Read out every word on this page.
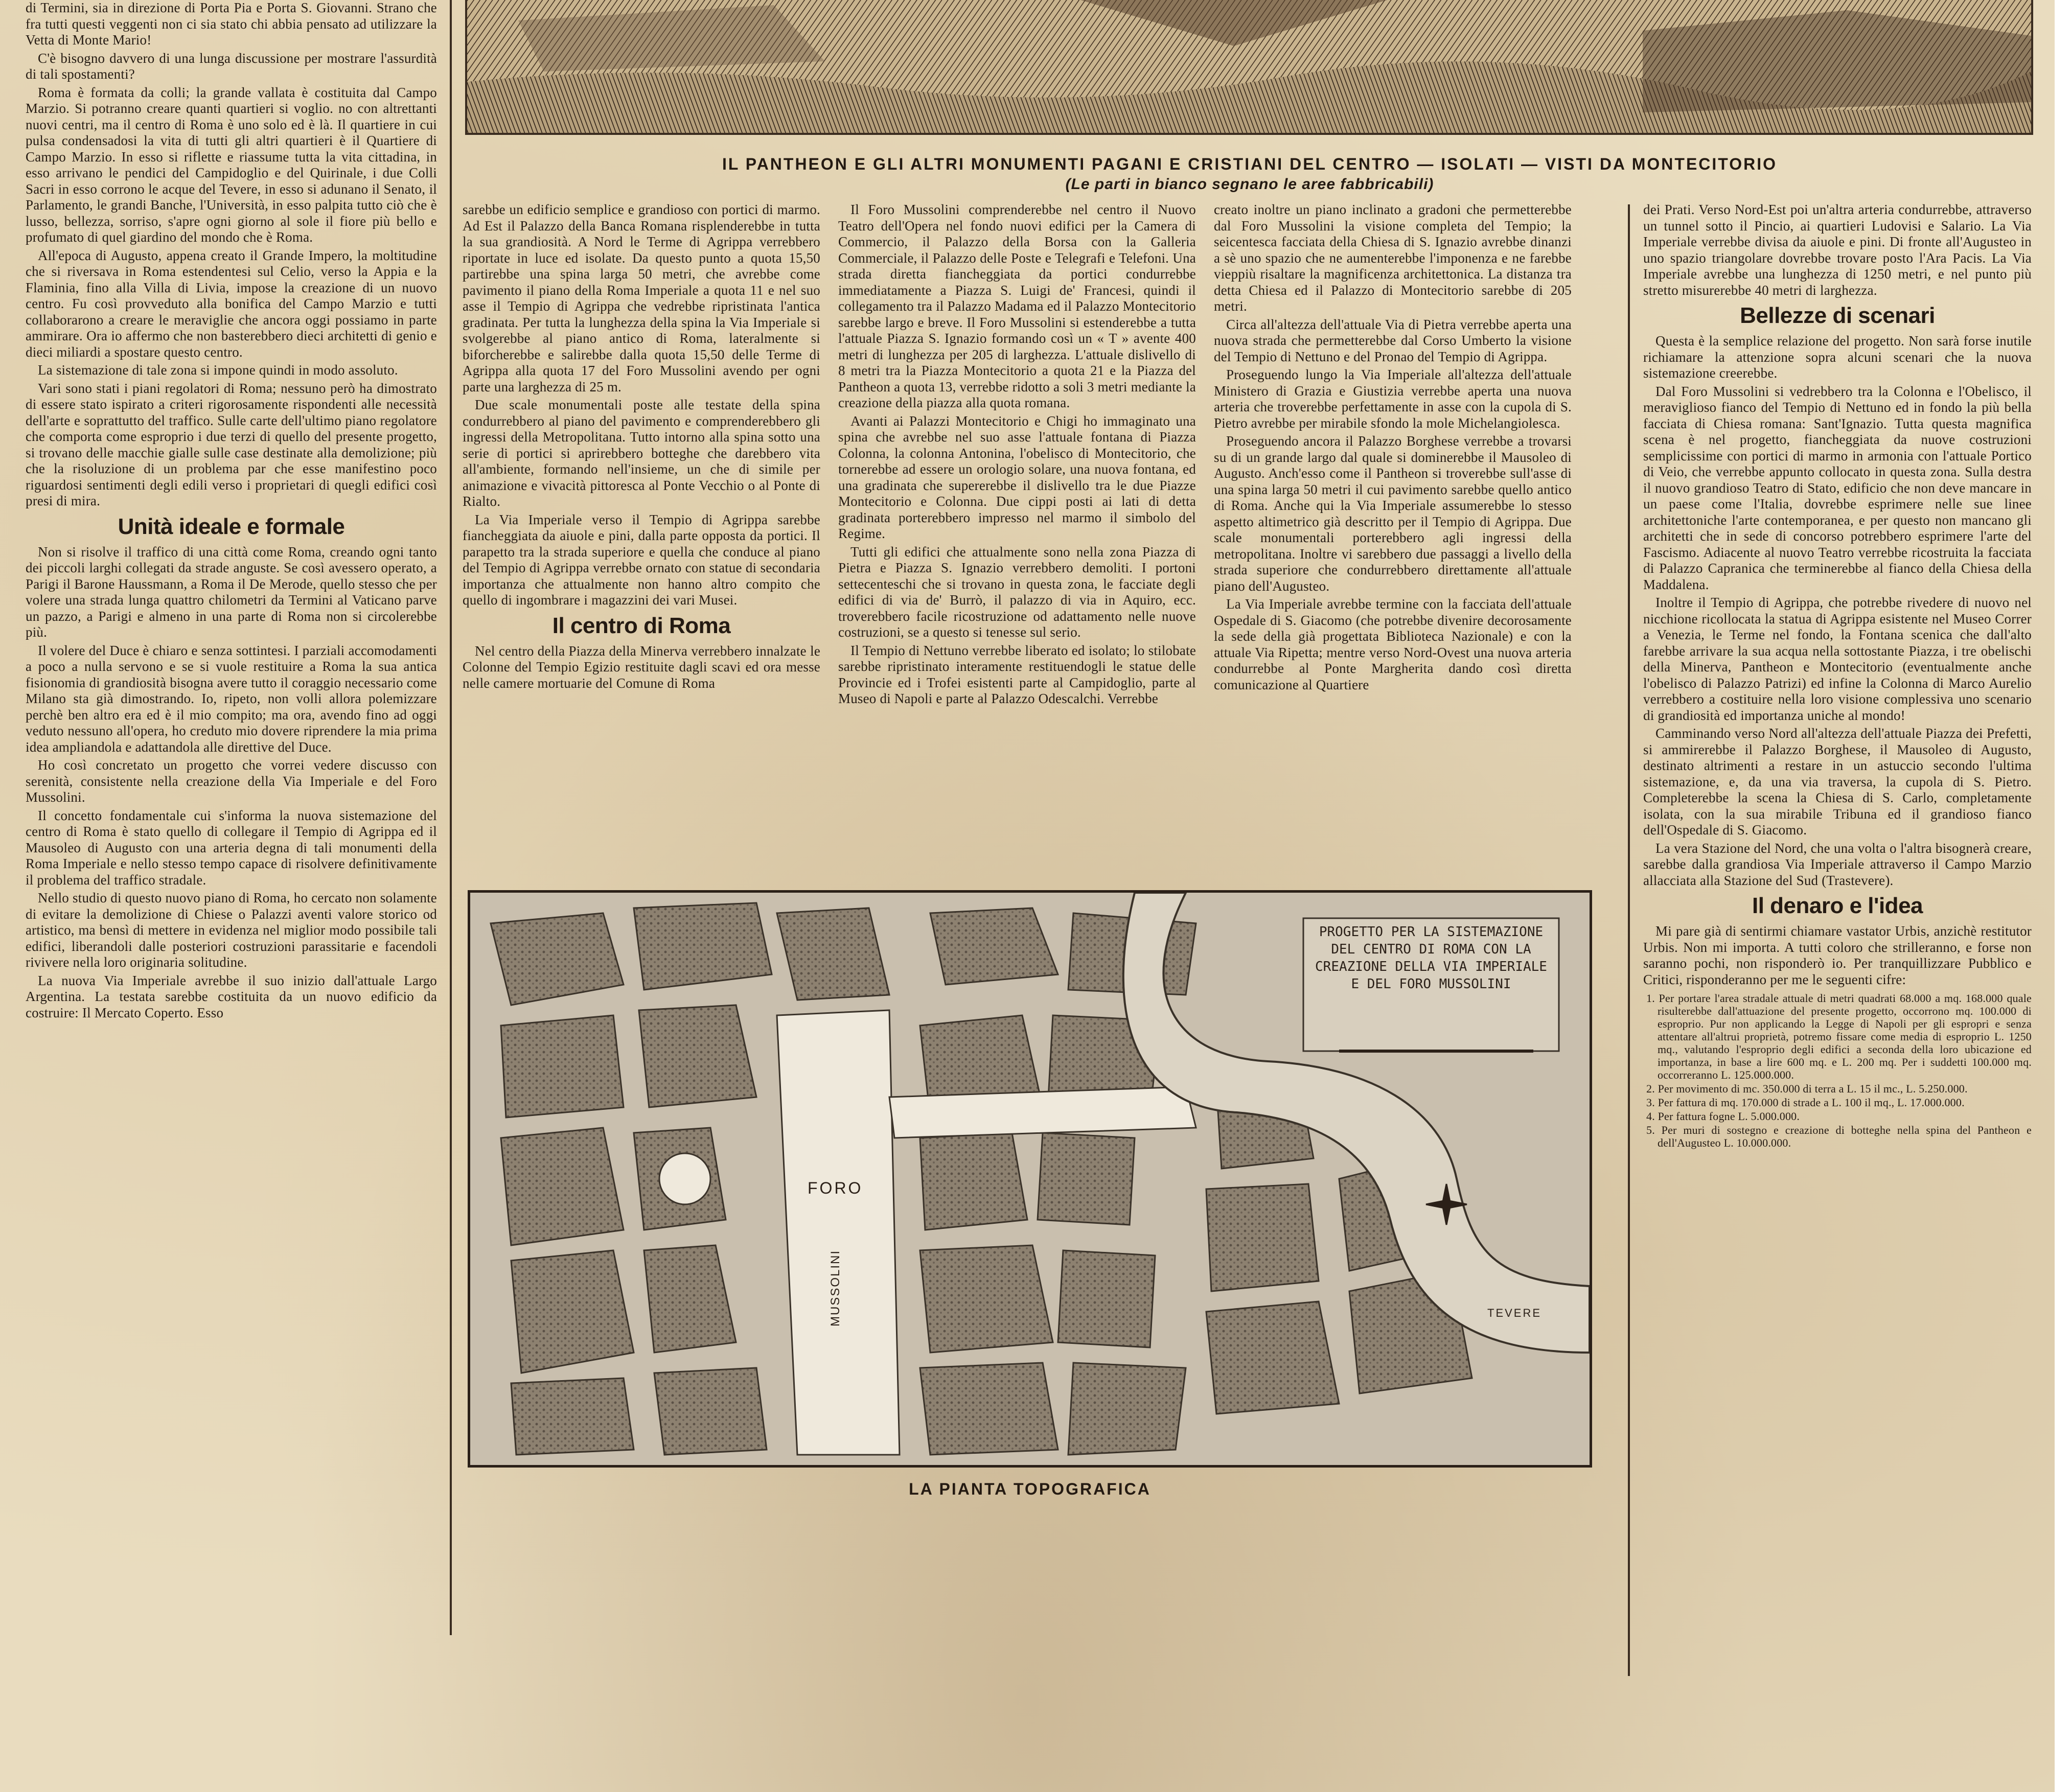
IL PANTHEON E GLI ALTRI MONUMENTI PAGANI E CRISTIANI DEL CENTRO — ISOLATI — VISTI DA MONTECITORIO
(Le parti in bianco segnano le aree fabbricabili)

di Termini, sia in direzione di Porta Pia e Porta S. Giovanni. Strano che fra tutti questi veggenti non ci sia stato chi abbia pensato ad utilizzare la Vetta di Monte Mario!

C'è bisogno davvero di una lunga discussione per mostrare l'assurdità di tali spostamenti?

Roma è formata da colli; la grande vallata è costituita dal Campo Marzio. Si potranno creare quanti quartieri si voglio. no con altrettanti nuovi centri, ma il centro di Roma è uno solo ed è là. Il quartiere in cui pulsa condensadosi la vita di tutti gli altri quartieri è il Quartiere di Campo Marzio. In esso si riflette e riassume tutta la vita cittadina, in esso arrivano le pendici del Campidoglio e del Quirinale, i due Colli Sacri in esso corrono le acque del Tevere, in esso si adunano il Senato, il Parlamento, le grandi Banche, l'Università, in esso palpita tutto ciò che è lusso, bellezza, sorriso, s'apre ogni giorno al sole il fiore più bello e profumato di quel giardino del mondo che è Roma.

All'epoca di Augusto, appena creato il Grande Impero, la moltitudine che si riversava in Roma estendentesi sul Celio, verso la Appia e la Flaminia, fino alla Villa di Livia, impose la creazione di un nuovo centro. Fu così provveduto alla bonifica del Campo Marzio e tutti collaborarono a creare le meraviglie che ancora oggi possiamo in parte ammirare. Ora io affermo che non basterebbero dieci architetti di genio e dieci miliardi a spostare questo centro.

La sistemazione di tale zona si impone quindi in modo assoluto.

Vari sono stati i piani regolatori di Roma; nessuno però ha dimostrato di essere stato ispirato a criteri rigorosamente rispondenti alle necessità dell'arte e soprattutto del traffico. Sulle carte dell'ultimo piano regolatore che comporta come esproprio i due terzi di quello del presente progetto, si trovano delle macchie gialle sulle case destinate alla demolizione; più che la risoluzione di un problema par che esse manifestino poco riguardosi sentimenti degli edili verso i proprietari di quegli edifici così presi di mira.

Unità ideale e formale

Non si risolve il traffico di una città come Roma, creando ogni tanto dei piccoli larghi collegati da strade anguste. Se così avessero operato, a Parigi il Barone Haussmann, a Roma il De Merode, quello stesso che per volere una strada lunga quattro chilometri da Termini al Vaticano parve un pazzo, a Parigi e almeno in una parte di Roma non si circolerebbe più.

Il volere del Duce è chiaro e senza sottintesi. I parziali accomodamenti a poco a nulla servono e se si vuole restituire a Roma la sua antica fisionomia di grandiosità bisogna avere tutto il coraggio necessario come Milano sta già dimostrando. Io, ripeto, non volli allora polemizzare perchè ben altro era ed è il mio compito; ma ora, avendo fino ad oggi veduto nessuno all'opera, ho creduto mio dovere riprendere la mia prima idea ampliandola e adattandola alle direttive del Duce.

Ho così concretato un progetto che vorrei vedere discusso con serenità, consistente nella creazione della Via Imperiale e del Foro Mussolini.

Il concetto fondamentale cui s'informa la nuova sistemazione del centro di Roma è stato quello di collegare il Tempio di Agrippa ed il Mausoleo di Augusto con una arteria degna di tali monumenti della Roma Imperiale e nello stesso tempo capace di risolvere definitivamente il problema del traffico stradale.

Nello studio di questo nuovo piano di Roma, ho cercato non solamente di evitare la demolizione di Chiese o Palazzi aventi valore storico od artistico, ma bensì di mettere in evidenza nel miglior modo possibile tali edifici, liberandoli dalle posteriori costruzioni parassitarie e facendoli rivivere nella loro originaria solitudine.

La nuova Via Imperiale avrebbe il suo inizio dall'attuale Largo Argentina. La testata sarebbe costituita da un nuovo edificio da costruire: Il Mercato Coperto. Esso

sarebbe un edificio semplice e grandioso con portici di marmo. Ad Est il Palazzo della Banca Romana risplenderebbe in tutta la sua grandiosità. A Nord le Terme di Agrippa verrebbero riportate in luce ed isolate. Da questo punto a quota 15,50 partirebbe una spina larga 50 metri, che avrebbe come pavimento il piano della Roma Imperiale a quota 11 e nel suo asse il Tempio di Agrippa che vedrebbe ripristinata l'antica gradinata. Per tutta la lunghezza della spina la Via Imperiale si svolgerebbe al piano antico di Roma, lateralmente si biforcherebbe e salirebbe dalla quota 15,50 delle Terme di Agrippa alla quota 17 del Foro Mussolini avendo per ogni parte una larghezza di 25 m.

Due scale monumentali poste alle testate della spina condurrebbero al piano del pavimento e comprenderebbero gli ingressi della Metropolitana. Tutto intorno alla spina sotto una serie di portici si aprirebbero botteghe che darebbero vita all'ambiente, formando nell'insieme, un che di simile per animazione e vivacità pittoresca al Ponte Vecchio o al Ponte di Rialto.

La Via Imperiale verso il Tempio di Agrippa sarebbe fiancheggiata da aiuole e pini, dalla parte opposta da portici. Il parapetto tra la strada superiore e quella che conduce al piano del Tempio di Agrippa verrebbe ornato con statue di secondaria importanza che attualmente non hanno altro compito che quello di ingombrare i magazzini dei vari Musei.

Il centro di Roma

Nel centro della Piazza della Minerva verrebbero innalzate le Colonne del Tempio Egizio restituite dagli scavi ed ora messe nelle camere mortuarie del Comune di Roma

Il Foro Mussolini comprenderebbe nel centro il Nuovo Teatro dell'Opera nel fondo nuovi edifici per la Camera di Commercio, il Palazzo della Borsa con la Galleria Commerciale, il Palazzo delle Poste e Telegrafi e Telefoni. Una strada diretta fiancheggiata da portici condurrebbe immediatamente a Piazza S. Luigi de' Francesi, quindi il collegamento tra il Palazzo Madama ed il Palazzo Montecitorio sarebbe largo e breve. Il Foro Mussolini si estenderebbe a tutta l'attuale Piazza S. Ignazio formando così un « T » avente 400 metri di lunghezza per 205 di larghezza. L'attuale dislivello di 8 metri tra la Piazza Montecitorio a quota 21 e la Piazza del Pantheon a quota 13, verrebbe ridotto a soli 3 metri mediante la creazione della piazza alla quota romana.

Avanti ai Palazzi Montecitorio e Chigi ho immaginato una spina che avrebbe nel suo asse l'attuale fontana di Piazza Colonna, la colonna Antonina, l'obelisco di Montecitorio, che tornerebbe ad essere un orologio solare, una nuova fontana, ed una gradinata che supererebbe il dislivello tra le due Piazze Montecitorio e Colonna. Due cippi posti ai lati di detta gradinata porterebbero impresso nel marmo il simbolo del Regime.

Tutti gli edifici che attualmente sono nella zona Piazza di Pietra e Piazza S. Ignazio verrebbero demoliti. I portoni settecenteschi che si trovano in questa zona, le facciate degli edifici di via de' Burrò, il palazzo di via in Aquiro, ecc. troverebbero facile ricostruzione od adattamento nelle nuove costruzioni, se a questo si tenesse sul serio.

Il Tempio di Nettuno verrebbe liberato ed isolato; lo stilobate sarebbe ripristinato interamente restituendogli le statue delle Provincie ed i Trofei esistenti parte al Campidoglio, parte al Museo di Napoli e parte al Palazzo Odescalchi. Verrebbe

creato inoltre un piano inclinato a gradoni che permetterebbe dal Foro Mussolini la visione completa del Tempio; la seicentesca facciata della Chiesa di S. Ignazio avrebbe dinanzi a sè uno spazio che ne aumenterebbe l'imponenza e ne farebbe vieppiù risaltare la magnificenza architettonica. La distanza tra detta Chiesa ed il Palazzo di Montecitorio sarebbe di 205 metri.

Circa all'altezza dell'attuale Via di Pietra verrebbe aperta una nuova strada che permetterebbe dal Corso Umberto la visione del Tempio di Nettuno e del Pronao del Tempio di Agrippa.

Proseguendo lungo la Via Imperiale all'altezza dell'attuale Ministero di Grazia e Giustizia verrebbe aperta una nuova arteria che troverebbe perfettamente in asse con la cupola di S. Pietro avrebbe per mirabile sfondo la mole Michelangiolesca.

Proseguendo ancora il Palazzo Borghese verrebbe a trovarsi su di un grande largo dal quale si dominerebbe il Mausoleo di Augusto. Anch'esso come il Pantheon si troverebbe sull'asse di una spina larga 50 metri il cui pavimento sarebbe quello antico di Roma. Anche qui la Via Imperiale assumerebbe lo stesso aspetto altimetrico già descritto per il Tempio di Agrippa. Due scale monumentali porterebbero agli ingressi della metropolitana. Inoltre vi sarebbero due passaggi a livello della strada superiore che condurrebbero direttamente all'attuale piano dell'Augusteo.

La Via Imperiale avrebbe termine con la facciata dell'attuale Ospedale di S. Giacomo (che potrebbe divenire decorosamente la sede della già progettata Biblioteca Nazionale) e con la attuale Via Ripetta; mentre verso Nord-Ovest una nuova arteria condurrebbe al Ponte Margherita dando così diretta comunicazione al Quartiere

dei Prati. Verso Nord-Est poi un'altra arteria condurrebbe, attraverso un tunnel sotto il Pincio, ai quartieri Ludovisi e Salario. La Via Imperiale verrebbe divisa da aiuole e pini. Di fronte all'Augusteo in uno spazio triangolare dovrebbe trovare posto l'Ara Pacis. La Via Imperiale avrebbe una lunghezza di 1250 metri, e nel punto più stretto misurerebbe 40 metri di larghezza.

Bellezze di scenari

Questa è la semplice relazione del progetto. Non sarà forse inutile richiamare la attenzione sopra alcuni scenari che la nuova sistemazione creerebbe.

Dal Foro Mussolini si vedrebbero tra la Colonna e l'Obelisco, il meraviglioso fianco del Tempio di Nettuno ed in fondo la più bella facciata di Chiesa romana: Sant'Ignazio. Tutta questa magnifica scena è nel progetto, fiancheggiata da nuove costruzioni semplicissime con portici di marmo in armonia con l'attuale Portico di Veio, che verrebbe appunto collocato in questa zona. Sulla destra il nuovo grandioso Teatro di Stato, edificio che non deve mancare in un paese come l'Italia, dovrebbe esprimere nelle sue linee architettoniche l'arte contemporanea, e per questo non mancano gli architetti che in sede di concorso potrebbero esprimere l'arte del Fascismo. Adiacente al nuovo Teatro verrebbe ricostruita la facciata di Palazzo Capranica che terminerebbe al fianco della Chiesa della Maddalena.

Inoltre il Tempio di Agrippa, che potrebbe rivedere di nuovo nel nicchione ricollocata la statua di Agrippa esistente nel Museo Correr a Venezia, le Terme nel fondo, la Fontana scenica che dall'alto farebbe arrivare la sua acqua nella sottostante Piazza, i tre obelischi della Minerva, Pantheon e Montecitorio (eventualmente anche l'obelisco di Palazzo Patrizi) ed infine la Colonna di Marco Aurelio verrebbero a costituire nella loro visione complessiva uno scenario di grandiosità ed importanza uniche al mondo!

Camminando verso Nord all'altezza dell'attuale Piazza dei Prefetti, si ammirerebbe il Palazzo Borghese, il Mausoleo di Augusto, destinato altrimenti a restare in un astuccio secondo l'ultima sistemazione, e, da una via traversa, la cupola di S. Pietro. Completerebbe la scena la Chiesa di S. Carlo, completamente isolata, con la sua mirabile Tribuna ed il grandioso fianco dell'Ospedale di S. Giacomo.

La vera Stazione del Nord, che una volta o l'altra bisognerà creare, sarebbe dalla grandiosa Via Imperiale attraverso il Campo Marzio allacciata alla Stazione del Sud (Trastevere).

Il denaro e l'idea

Mi pare già di sentirmi chiamare vastator Urbis, anzichè restitutor Urbis. Non mi importa. A tutti coloro che strilleranno, e forse non saranno pochi, non risponderò io. Per tranquillizzare Pubblico e Critici, risponderanno per me le seguenti cifre:

1. Per portare l'area stradale attuale di metri quadrati 68.000 a mq. 168.000 quale risulterebbe dall'attuazione del presente progetto, occorrono mq. 100.000 di esproprio. Pur non applicando la Legge di Napoli per gli espropri e senza attentare all'altrui proprietà, potremo fissare come media di esproprio L. 1250 mq., valutando l'esproprio degli edifici a seconda della loro ubicazione ed importanza, in base a lire 600 mq. e L. 200 mq. Per i suddetti 100.000 mq. occorreranno L. 125.000.000.
2. Per movimento di mc. 350.000 di terra a L. 15 il mc., L. 5.250.000.
3. Per fattura di mq. 170.000 di strade a L. 100 il mq., L. 17.000.000.
4. Per fattura fogne L. 5.000.000.
5. Per muri di sostegno e creazione di botteghe nella spina del Pantheon e dell'Augusteo L. 10.000.000.
PROGETTO PER LA SISTEMAZIONE DEL CENTRO DI ROMA CON LA CREAZIONE DELLA VIA IMPERIALE E DEL FORO MUSSOLINI
FORO
MUSSOLINI	TEVERE
LA PIANTA TOPOGRAFICA
